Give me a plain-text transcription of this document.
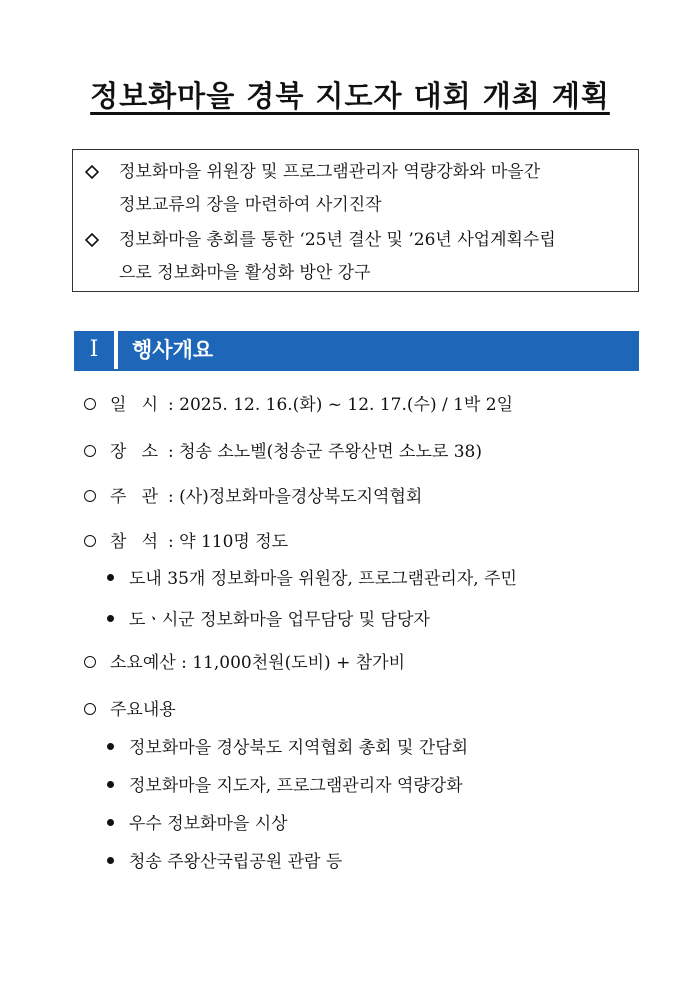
정보화마을 경북 지도자 대회 개최 계획
정보화마을 위원장 및 프로그램관리자 역량강화와 마을간
정보교류의 장을 마련하여 사기진작
정보화마을 총회를 통한 ‘25년 결산 및 ’26년 사업계획수립
으로 정보화마을 활성화 방안 강구
Ⅰ	행사개요
일 시 : 2025. 12. 16.(화) ~ 12. 17.(수) / 1박 2일
장 소 : 청송 소노벨(청송군 주왕산면 소노로 38)
주 관 : (사)정보화마을경상북도지역협회
참 석 : 약 110명 정도
도내 35개 정보화마을 위원장, 프로그램관리자, 주민
도ㆍ시군 정보화마을 업무담당 및 담당자
소요예산 : 11,000천원(도비) + 참가비
주요내용
정보화마을 경상북도 지역협회 총회 및 간담회
정보화마을 지도자, 프로그램관리자 역량강화
우수 정보화마을 시상
청송 주왕산국립공원 관람 등
